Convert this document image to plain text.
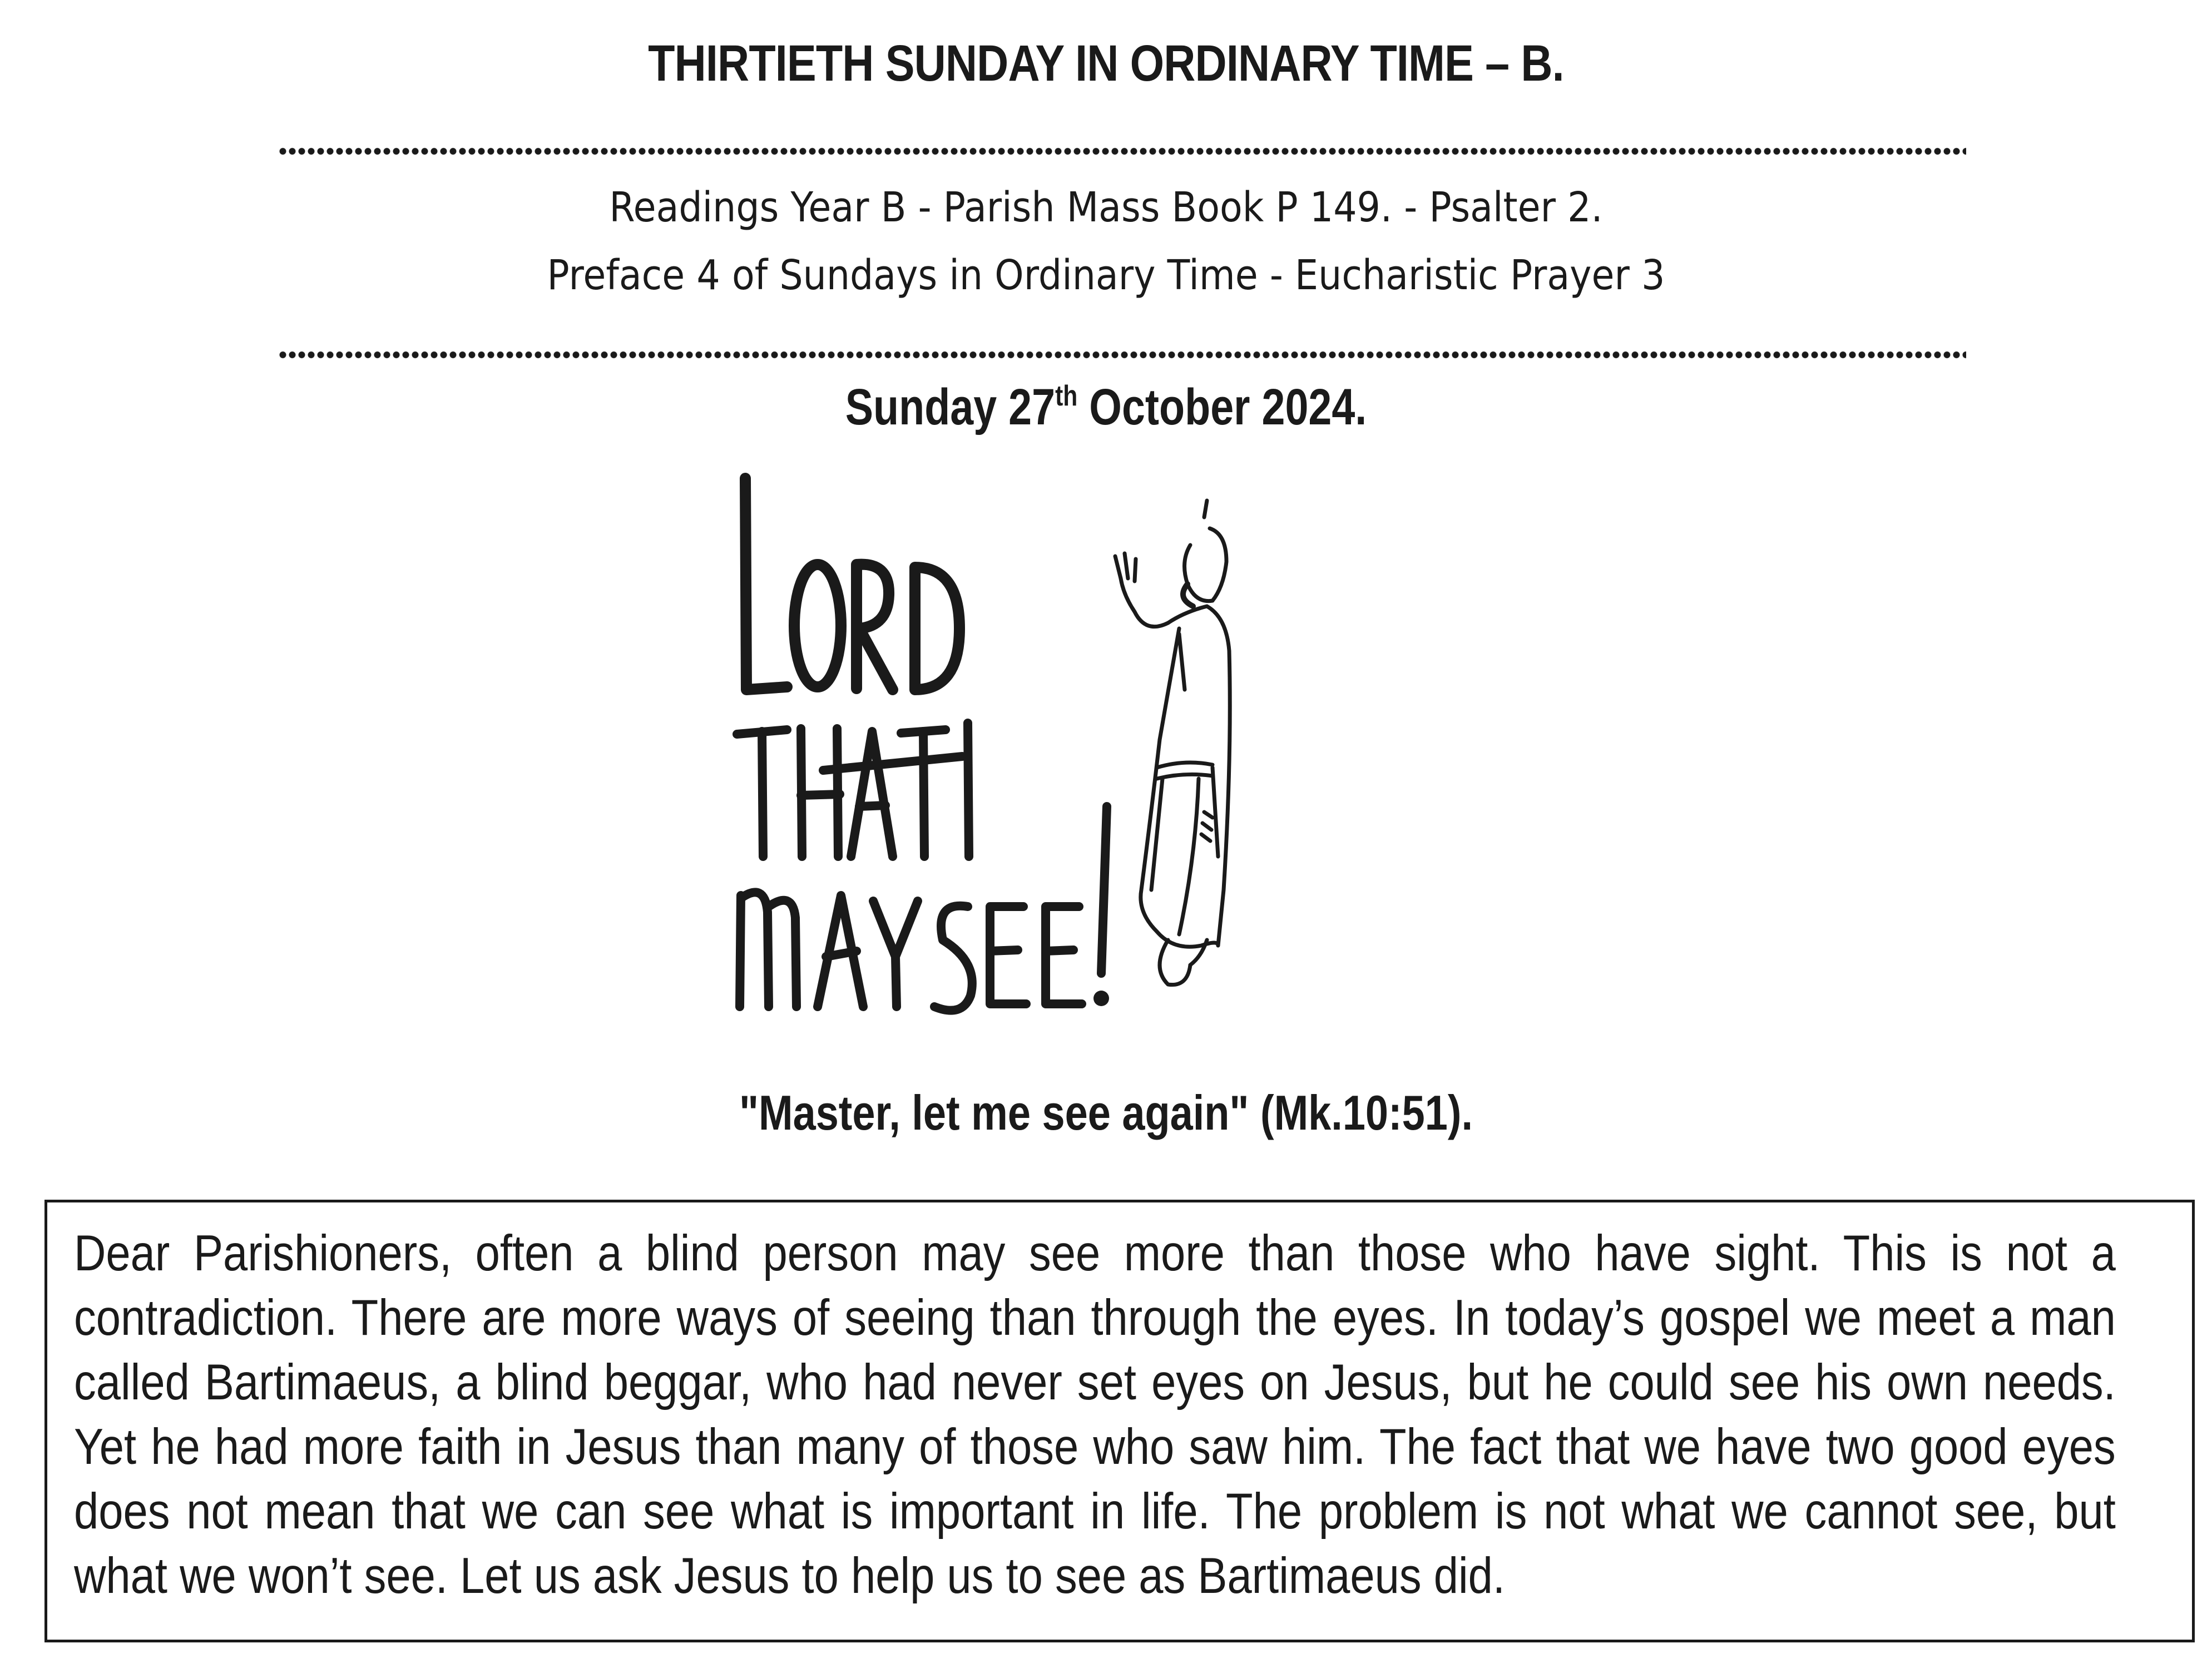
THIRTIETH SUNDAY IN ORDINARY TIME – B.
Readings Year B - Parish Mass Book P 149. - Psalter 2.
Preface 4 of Sundays in Ordinary Time - Eucharistic Prayer 3
Sunday 27th October 2024.
"Master, let me see again" (Mk.10:51).
Dear Parishioners, often a blind person may see more than those who have sight. This is not a contradiction. There are more ways of seeing than through the eyes. In today’s gospel we meet a man called Bartimaeus, a blind beggar, who had never set eyes on Jesus, but he could see his own needs. Yet he had more faith in Jesus than many of those who saw him. The fact that we have two good eyes does not mean that we can see what is important in life. The problem is not what we cannot see, but what we won’t see. Let us ask Jesus to help us to see as Bartimaeus did.
